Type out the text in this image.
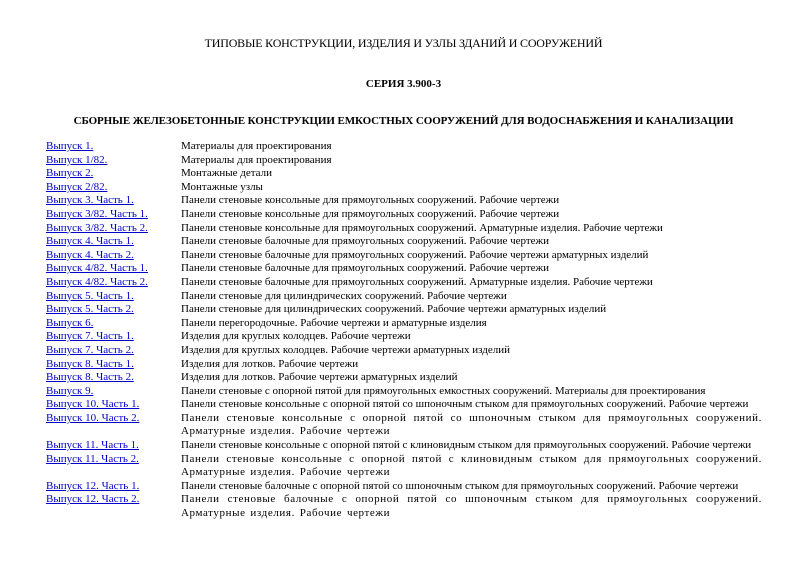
ТИПОВЫЕ КОНСТРУКЦИИ, ИЗДЕЛИЯ И УЗЛЫ ЗДАНИЙ И СООРУЖЕНИЙ
СЕРИЯ 3.900-3
СБОРНЫЕ ЖЕЛЕЗОБЕТОННЫЕ КОНСТРУКЦИИ ЕМКОСТНЫХ СООРУЖЕНИЙ ДЛЯ ВОДОСНАБЖЕНИЯ И КАНАЛИЗАЦИИ
Выпуск 1.	Материалы для проектирования
Выпуск 1/82.	Материалы для проектирования
Выпуск 2.	Монтажные детали
Выпуск 2/82.	Монтажные узлы
Выпуск 3. Часть 1.	Панели стеновые консольные для прямоугольных сооружений. Рабочие чертежи
Выпуск 3/82. Часть 1.	Панели стеновые консольные для прямоугольных сооружений. Рабочие чертежи
Выпуск 3/82. Часть 2.	Панели стеновые консольные для прямоугольных сооружений. Арматурные изделия. Рабочие чертежи
Выпуск 4. Часть 1.	Панели стеновые балочные для прямоугольных сооружений. Рабочие чертежи
Выпуск 4. Часть 2.	Панели стеновые балочные для прямоугольных сооружений. Рабочие чертежи арматурных изделий
Выпуск 4/82. Часть 1.	Панели стеновые балочные для прямоугольных сооружений. Рабочие чертежи
Выпуск 4/82. Часть 2.	Панели стеновые балочные для прямоугольных сооружений. Арматурные изделия. Рабочие чертежи
Выпуск 5. Часть 1.	Панели стеновые для цилиндрических сооружений. Рабочие чертежи
Выпуск 5. Часть 2.	Панели стеновые для цилиндрических сооружений. Рабочие чертежи арматурных изделий
Выпуск 6.	Панели перегородочные. Рабочие чертежи и арматурные изделия
Выпуск 7. Часть 1.	Изделия для круглых колодцев. Рабочие чертежи
Выпуск 7. Часть 2.	Изделия для круглых колодцев. Рабочие чертежи арматурных изделий
Выпуск 8. Часть 1.	Изделия для лотков. Рабочие чертежи
Выпуск 8. Часть 2.	Изделия для лотков. Рабочие чертежи арматурных изделий
Выпуск 9.	Панели стеновые с опорной пятой для прямоугольных емкостных сооружений. Материалы для проектирования
Выпуск 10. Часть 1.	Панели стеновые консольные с опорной пятой со шпоночным стыком для прямоугольных сооружений. Рабочие чертежи
Выпуск 10. Часть 2.	Панели стеновые консольные с опорной пятой со шпоночным стыком для прямоугольных сооружений. Арматурные изделия. Рабочие чертежи
Выпуск 11. Часть 1.	Панели стеновые консольные с опорной пятой с клиновидным стыком для прямоугольных сооружений. Рабочие чертежи
Выпуск 11. Часть 2.	Панели стеновые консольные с опорной пятой с клиновидным стыком для прямоугольных сооружений. Арматурные изделия. Рабочие чертежи
Выпуск 12. Часть 1.	Панели стеновые балочные с опорной пятой со шпоночным стыком для прямоугольных сооружений. Рабочие чертежи
Выпуск 12. Часть 2.	Панели стеновые балочные с опорной пятой со шпоночным стыком для прямоугольных сооружений. Арматурные изделия. Рабочие чертежи
